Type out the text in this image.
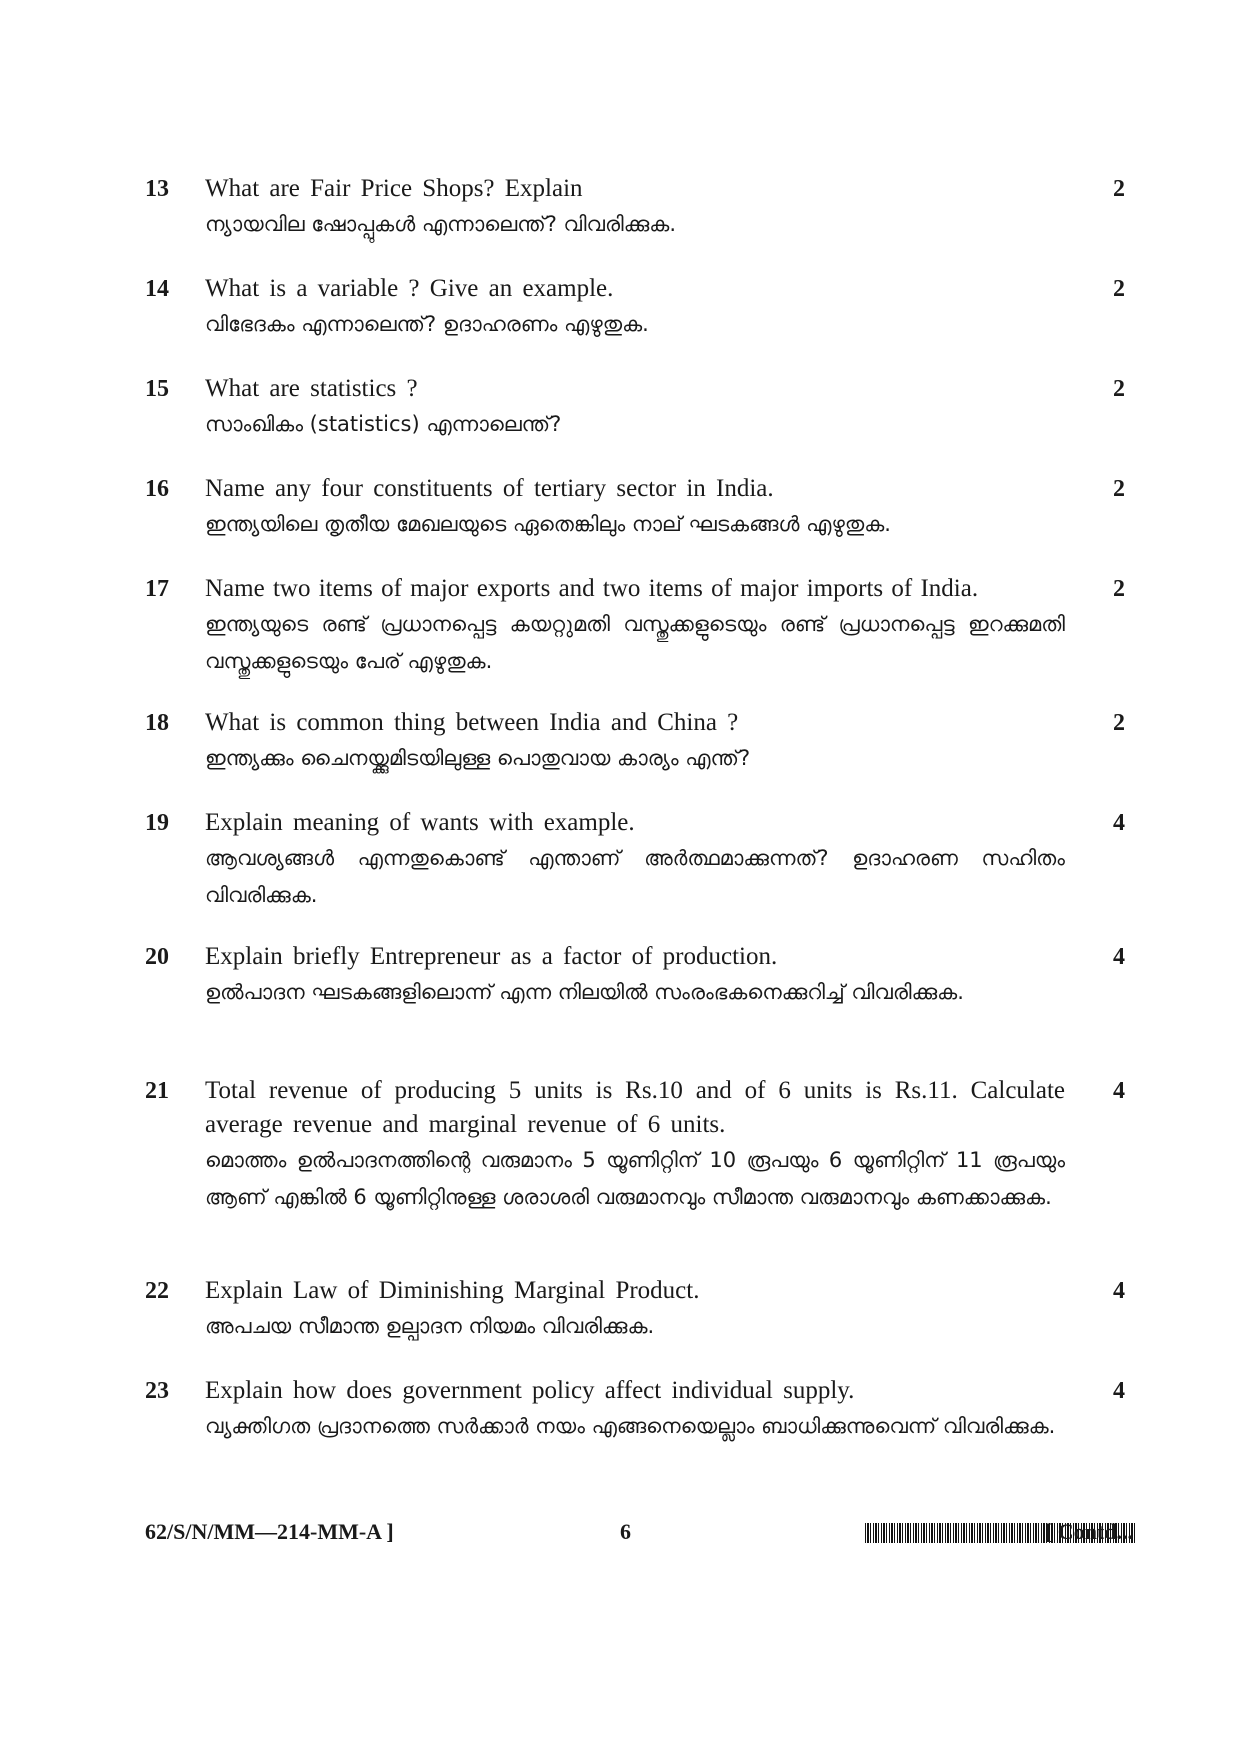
13	What are Fair Price Shops? Explain
ന്യായവില ഷോപ്പുകൾ എന്നാലെന്ത്? വിവരിക്കുക.
2
14	What is a variable ? Give an example.
വിഭേദകം എന്നാലെന്ത്? ഉദാഹരണം എഴുതുക.
2
15	What are statistics ?
സാംഖികം (statistics) എന്നാലെന്ത്?
2
16	Name any four constituents of tertiary sector in India.
ഇന്ത്യയിലെ തൃതീയ മേഖലയുടെ ഏതെങ്കിലും നാല് ഘടകങ്ങൾ എഴുതുക.
2
17	Name two items of major exports and two items of major imports of India.
ഇന്ത്യയുടെ രണ്ട് പ്രധാനപ്പെട്ട കയറ്റുമതി വസ്തുക്കളുടെയും രണ്ട് പ്രധാനപ്പെട്ട ഇറക്കുമതി വസ്തുക്കളുടെയും പേര് എഴുതുക.
2
18	What is common thing between India and China ?
ഇന്ത്യക്കും ചൈനയ്ക്കുമിടയിലുള്ള പൊതുവായ കാര്യം എന്ത്?
2
19	Explain meaning of wants with example.
ആവശ്യങ്ങൾ എന്നതുകൊണ്ട് എന്താണ് അർത്ഥമാക്കുന്നത്? ഉദാഹരണ സഹിതം വിവരിക്കുക.
4
20	Explain briefly Entrepreneur as a factor of production.
ഉൽപാദന ഘടകങ്ങളിലൊന്ന് എന്ന നിലയിൽ സംരംഭകനെക്കുറിച്ച് വിവരിക്കുക.
4
21	Total revenue of producing 5 units is Rs.10 and of 6 units is Rs.11. Calculate average revenue and marginal revenue of 6 units.
മൊത്തം ഉൽപാദനത്തിന്റെ വരുമാനം 5 യൂണിറ്റിന് 10 രൂപയും 6 യൂണിറ്റിന് 11 രൂപയും ആണ് എങ്കിൽ 6 യൂണിറ്റിനുള്ള ശരാശരി വരുമാനവും സീമാന്ത വരുമാനവും കണക്കാക്കുക.
4
22	Explain Law of Diminishing Marginal Product.
അപചയ സീമാന്ത ഉല്പാദന നിയമം വിവരിക്കുക.
4
23	Explain how does government policy affect individual supply.
വ്യക്തിഗത പ്രദാനത്തെ സർക്കാർ നയം എങ്ങനെയെല്ലാം ബാധിക്കുന്നുവെന്ന് വിവരിക്കുക.
4
62/S/N/MM—214-MM-A ]	6	[ Contd...
